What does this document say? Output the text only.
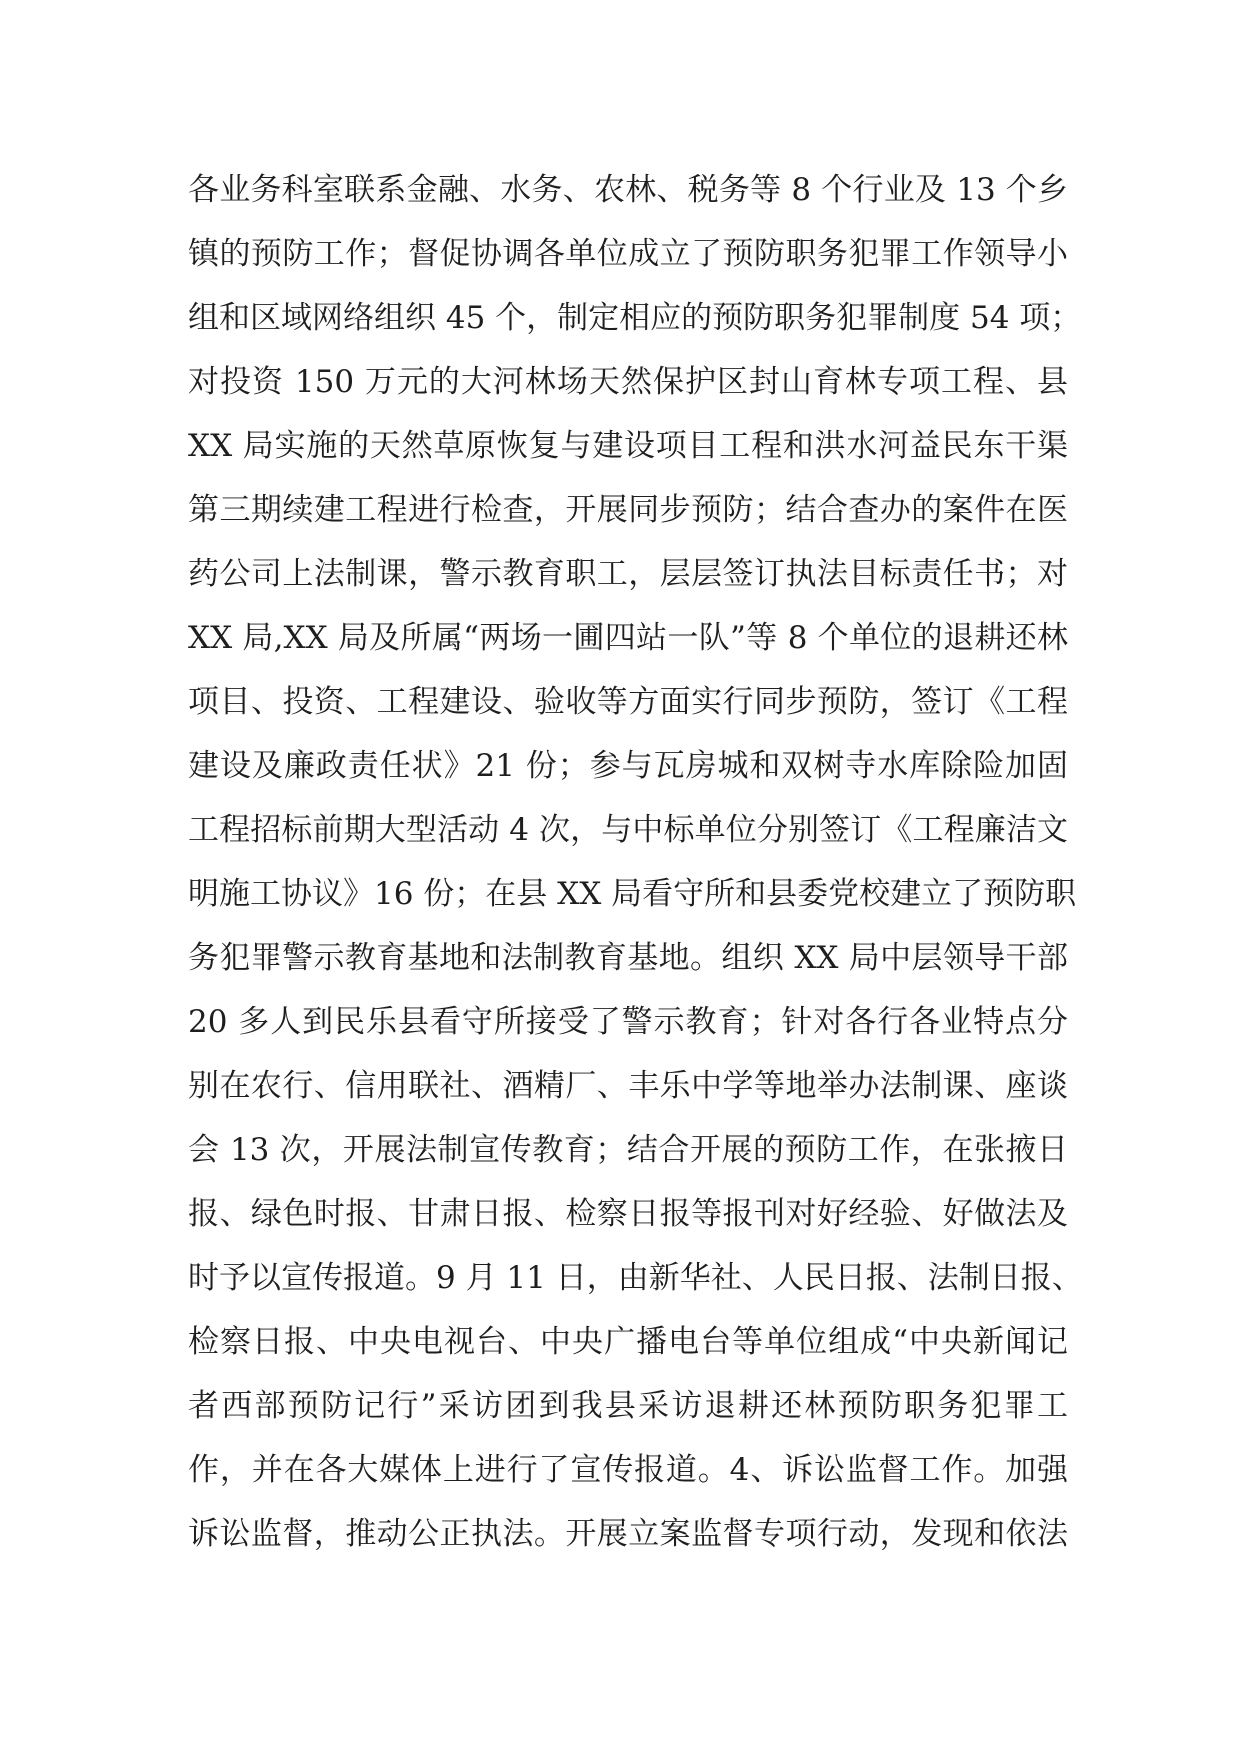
各业务科室联系金融、水务、农林、税务等 8 个行业及 13 个乡
镇的预防工作；督促协调各单位成立了预防职务犯罪工作领导小
组和区域网络组织 45 个，制定相应的预防职务犯罪制度 54 项；
对投资 150 万元的大河林场天然保护区封山育林专项工程、县
XX 局实施的天然草原恢复与建设项目工程和洪水河益民东干渠
第三期续建工程进行检查，开展同步预防；结合查办的案件在医
药公司上法制课，警示教育职工，层层签订执法目标责任书；对
XX 局,XX 局及所属“两场一圃四站一队”等 8 个单位的退耕还林
项目、投资、工程建设、验收等方面实行同步预防，签订《工程
建设及廉政责任状》21 份；参与瓦房城和双树寺水库除险加固
工程招标前期大型活动 4 次，与中标单位分别签订《工程廉洁文
明施工协议》16 份；在县 XX 局看守所和县委党校建立了预防职
务犯罪警示教育基地和法制教育基地。组织 XX 局中层领导干部
20 多人到民乐县看守所接受了警示教育；针对各行各业特点分
别在农行、信用联社、酒精厂、丰乐中学等地举办法制课、座谈
会 13 次，开展法制宣传教育；结合开展的预防工作，在张掖日
报、绿色时报、甘肃日报、检察日报等报刊对好经验、好做法及
时予以宣传报道。9 月 11 日，由新华社、人民日报、法制日报、
检察日报、中央电视台、中央广播电台等单位组成“中央新闻记
者西部预防记行”采访团到我县采访退耕还林预防职务犯罪工
作，并在各大媒体上进行了宣传报道。4、诉讼监督工作。加强
诉讼监督，推动公正执法。开展立案监督专项行动，发现和依法
